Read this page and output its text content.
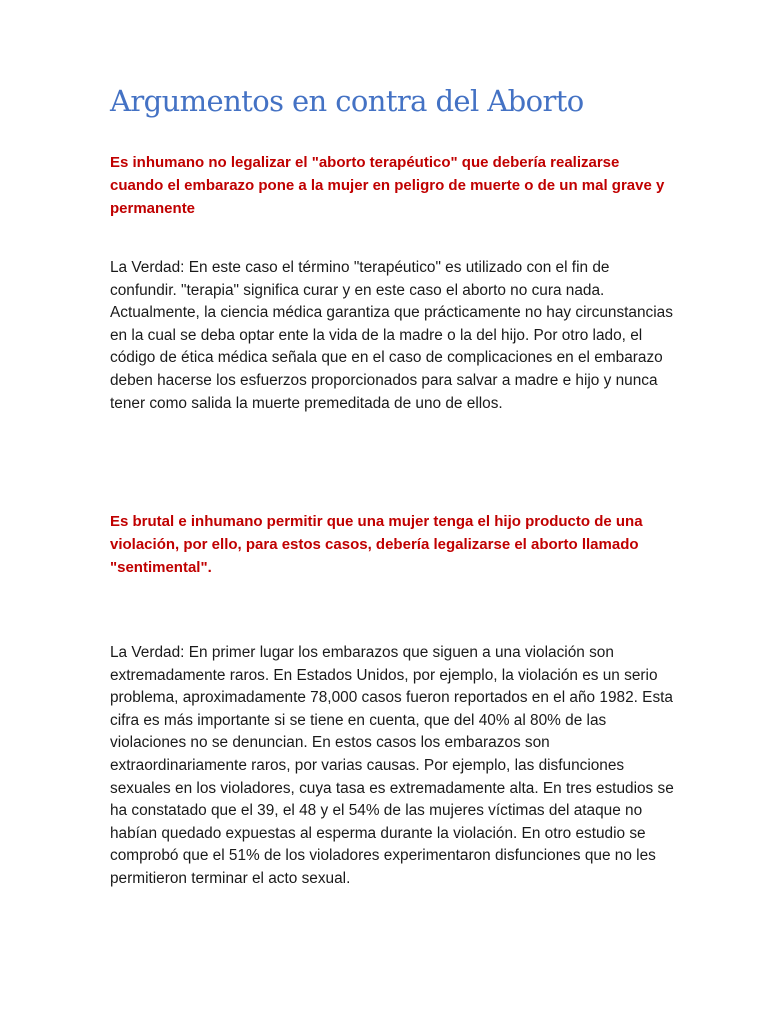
Argumentos en contra del Aborto

Es inhumano no legalizar el "aborto terapéutico" que debería realizarse cuando el embarazo pone a la mujer en peligro de muerte o de un mal grave y permanente

La Verdad: En este caso el término "terapéutico" es utilizado con el fin de confundir. "terapia" significa curar y en este caso el aborto no cura nada. Actualmente, la ciencia médica garantiza que prácticamente no hay circunstancias en la cual se deba optar ente la vida de la madre o la del hijo. Por otro lado, el código de ética médica señala que en el caso de complicaciones en el embarazo deben hacerse los esfuerzos proporcionados para salvar a madre e hijo y nunca tener como salida la muerte premeditada de uno de ellos.

Es brutal e inhumano permitir que una mujer tenga el hijo producto de una violación, por ello, para estos casos, debería legalizarse el aborto llamado "sentimental".

La Verdad: En primer lugar los embarazos que siguen a una violación son extremadamente raros. En Estados Unidos, por ejemplo, la violación es un serio problema, aproximadamente 78,000 casos fueron reportados en el año 1982. Esta cifra es más importante si se tiene en cuenta, que del 40% al 80% de las violaciones no se denuncian. En estos casos los embarazos son extraordinariamente raros, por varias causas. Por ejemplo, las disfunciones sexuales en los violadores, cuya tasa es extremadamente alta. En tres estudios se ha constatado que el 39, el 48 y el 54% de las mujeres víctimas del ataque no habían quedado expuestas al esperma durante la violación. En otro estudio se comprobó que el 51% de los violadores experimentaron disfunciones que no les permitieron terminar el acto sexual.
